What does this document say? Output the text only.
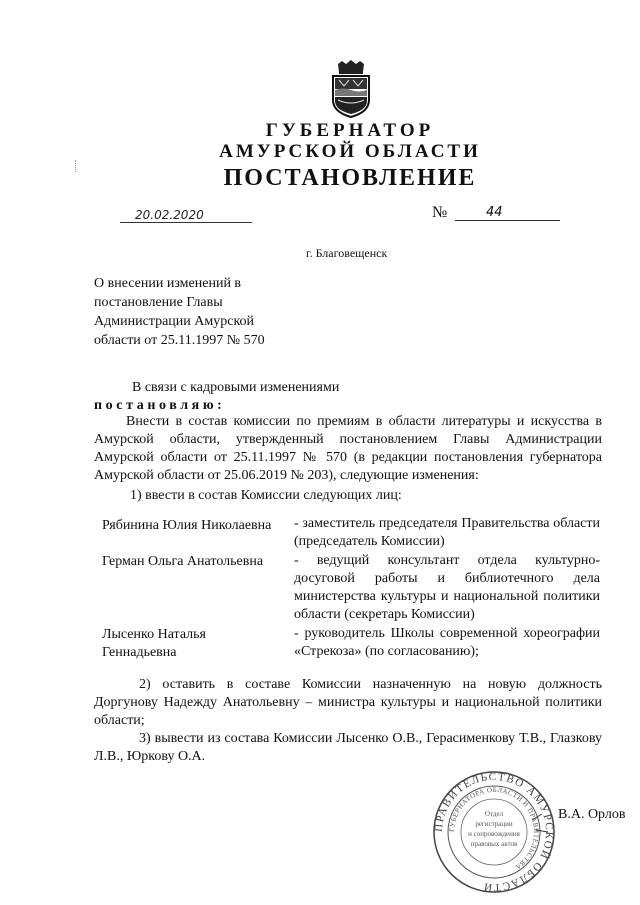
ГУБЕРНАТОР
АМУРСКОЙ ОБЛАСТИ
ПОСТАНОВЛЕНИЕ
20.02.2020	№	44
г. Благовещенск
О внесении изменений в постановление Главы Администрации Амурской области от 25.11.1997 № 570
В связи с кадровыми изменениями
постановляю:
Внести в состав комиссии по премиям в области литературы и искусства в Амурской области, утвержденный постановлением Главы Администрации Амурской области от 25.11.1997 № 570 (в редакции постановления губернатора Амурской области от 25.06.2019 № 203), следующие изменения:
1) ввести в состав Комиссии следующих лиц:
Рябинина Юлия Николаевна - заместитель председателя Правительства области (председатель Комиссии)
Герман Ольга Анатольевна - ведущий консультант отдела культурно-досуговой работы и библиотечного дела министерства культуры и национальной политики области (секретарь Комиссии)
Лысенко Наталья Геннадьевна
- руководитель Школы современной хореографии «Стрекоза» (по согласованию);
2) оставить в составе Комиссии назначенную на новую должность Доргунову Надежду Анатольевну – министра культуры и национальной политики области;
3) вывести из состава Комиссии Лысенко О.В., Герасименкову Т.В., Глазкову Л.В., Юркову О.А.
ПРАВИТЕЛЬСТВО АМУРСКОЙ ОБЛАСТИ
ГУБЕРНАТОРА ОБЛАСТИ И ПРАВИТЕЛЬСТВА
Отдел
регистрации
и сопровождения
правовых актов
В.А. Орлов
